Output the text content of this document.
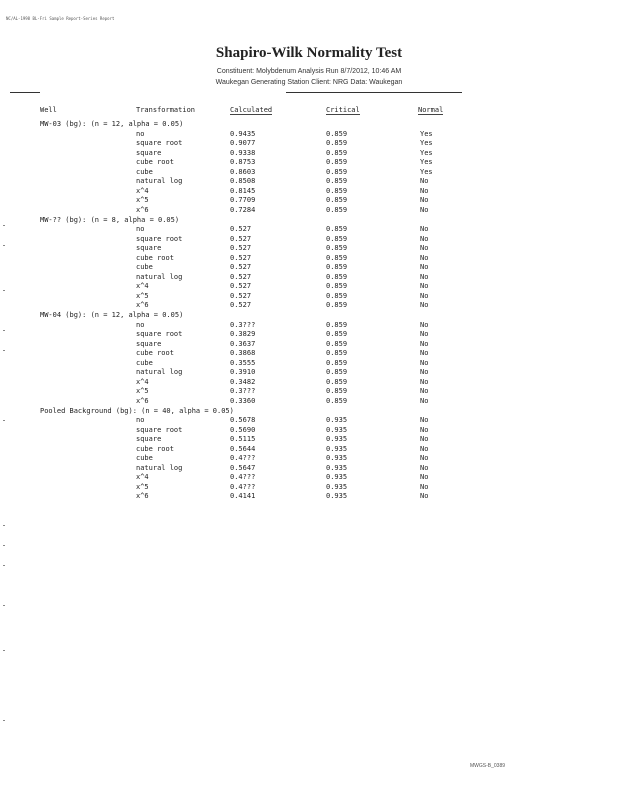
NC/AL-1998 BL-Fri Sample Report-Series Report
Shapiro-Wilk Normality Test
Constituent: Molybdenum Analysis Run 8/7/2012, 10:46 AM
Waukegan Generating Station Client: NRG Data: Waukegan
Well	Transformation	Calculated	Critical	Normal
MW-03 (bg): (n = 12, alpha = 0.05)
no	0.9435	0.859	Yes
square root	0.9077	0.859	Yes
square	0.9338	0.859	Yes
cube root	0.8753	0.859	Yes
cube	0.8603	0.859	Yes
natural log	0.8508	0.859	No
x^4	0.8145	0.859	No
x^5	0.7709	0.859	No
x^6	0.7284	0.859	No
MW-?? (bg): (n = 8, alpha = 0.05)
no	0.527	0.859	No
square root	0.527	0.859	No
square	0.527	0.859	No
cube root	0.527	0.859	No
cube	0.527	0.859	No
natural log	0.527	0.859	No
x^4	0.527	0.859	No
x^5	0.527	0.859	No
x^6	0.527	0.859	No
MW-04 (bg): (n = 12, alpha = 0.05)
no	0.3???	0.859	No
square root	0.3829	0.859	No
square	0.3637	0.859	No
cube root	0.3868	0.859	No
cube	0.3555	0.859	No
natural log	0.3910	0.859	No
x^4	0.3482	0.859	No
x^5	0.3???	0.859	No
x^6	0.3360	0.859	No
Pooled Background (bg): (n = 40, alpha = 0.05)
no	0.5678	0.935	No
square root	0.5690	0.935	No
square	0.5115	0.935	No
cube root	0.5644	0.935	No
cube	0.4???	0.935	No
natural log	0.5647	0.935	No
x^4	0.4???	0.935	No
x^5	0.4???	0.935	No
x^6	0.4141	0.935	No
MWGS-B_0389
